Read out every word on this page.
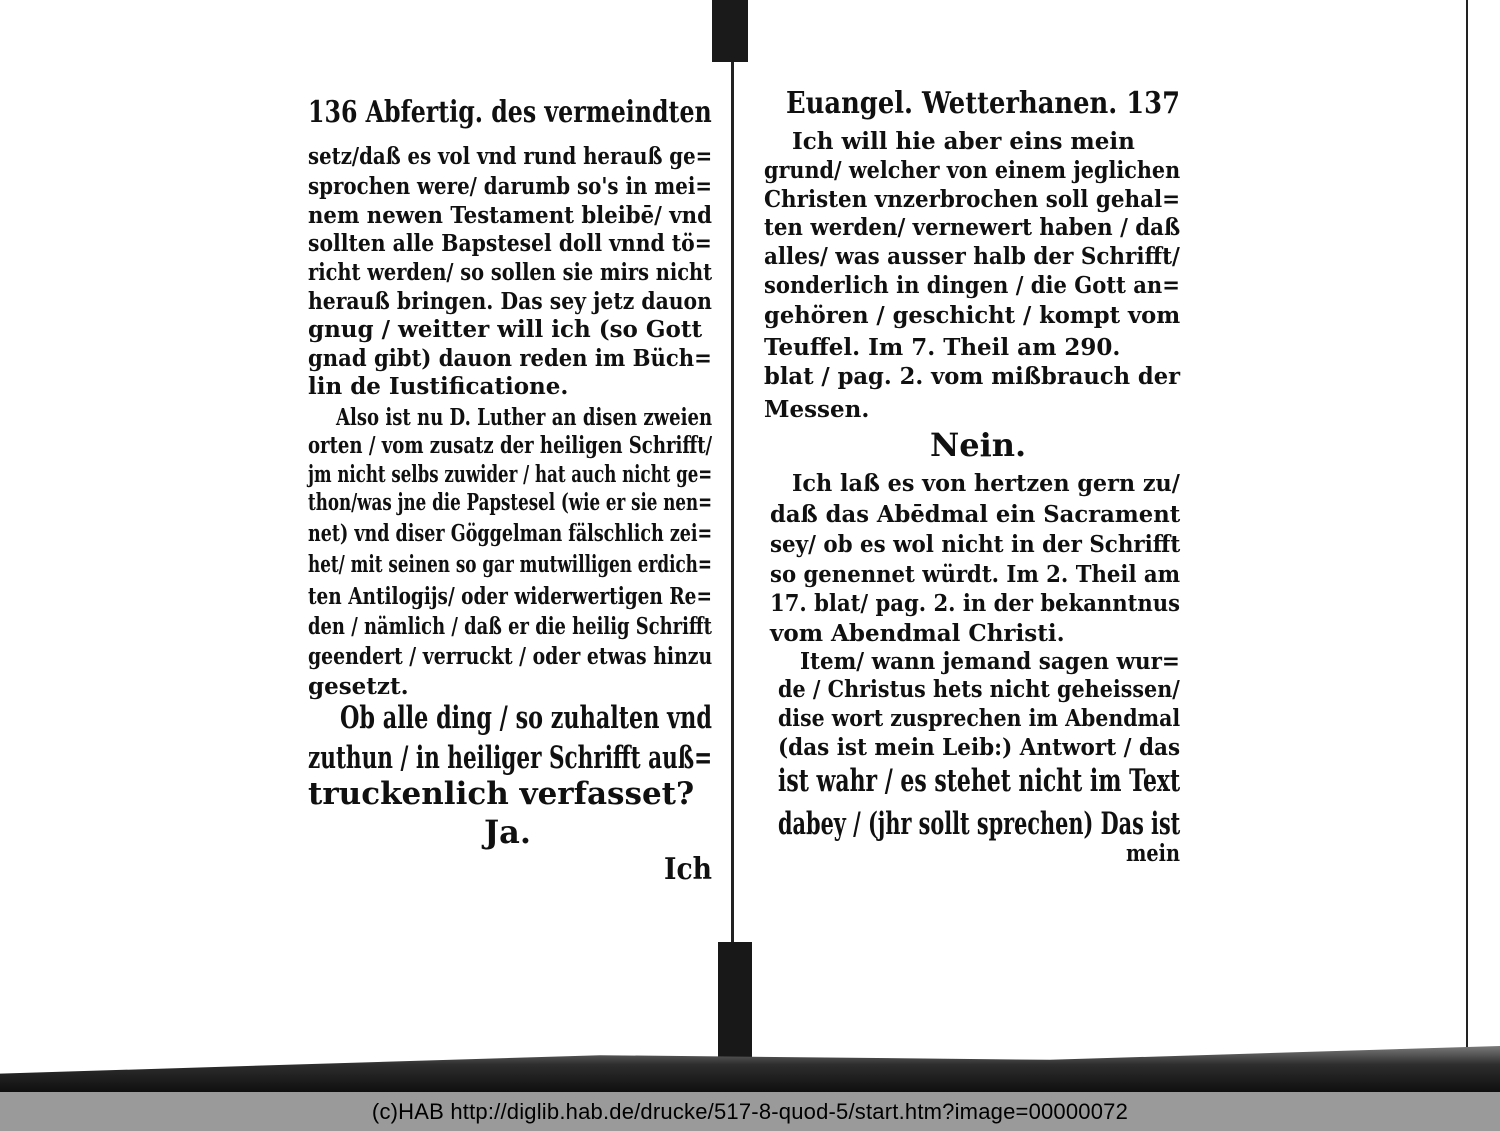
136 Abfertig. des vermeindten
setz/daß es vol vnd rund herauß ge=
sprochen were/ darumb so's in mei=
nem newen Testament bleibē/ vnd
sollten alle Bapstesel doll vnnd tö=
richt werden/ so sollen sie mirs nicht
herauß bringen. Das sey jetz dauon
gnug / weitter will ich (so Gott
gnad gibt) dauon reden im Büch=
lin de Iustificatione.
Also ist nu D. Luther an disen zweien
orten / vom zusatz der heiligen Schrifft/
jm nicht selbs zuwider / hat auch nicht ge=
thon/was jne die Papstesel (wie er sie nen=
net) vnd diser Göggelman fälschlich zei=
het/ mit seinen so gar mutwilligen erdich=
ten Antilogijs/ oder widerwertigen Re=
den / nämlich / daß er die heilig Schrifft
geendert / verruckt / oder etwas hinzu
gesetzt.
Ob alle ding / so zuhalten vnd
zuthun / in heiliger Schrifft auß=
truckenlich verfasset?
Ja.
Ich
Euangel. Wetterhanen. 137
Ich will hie aber eins mein
grund/ welcher von einem jeglichen
Christen vnzerbrochen soll gehal=
ten werden/ vernewert haben / daß
alles/ was ausser halb der Schrifft/
sonderlich in dingen / die Gott an=
gehören / geschicht / kompt vom
Teuffel. Im 7. Theil am 290.
blat / pag. 2. vom mißbrauch der
Messen.
Nein.
Ich laß es von hertzen gern zu/
daß das Abēdmal ein Sacrament
sey/ ob es wol nicht in der Schrifft
so genennet würdt. Im 2. Theil am
17. blat/ pag. 2. in der bekanntnus
vom Abendmal Christi.
Item/ wann jemand sagen wur=
de / Christus hets nicht geheissen/
dise wort zusprechen im Abendmal
(das ist mein Leib:) Antwort / das
ist wahr / es stehet nicht im Text
dabey / (jhr sollt sprechen) Das ist
mein
(c)HAB http://diglib.hab.de/drucke/517-8-quod-5/start.htm?image=00000072
